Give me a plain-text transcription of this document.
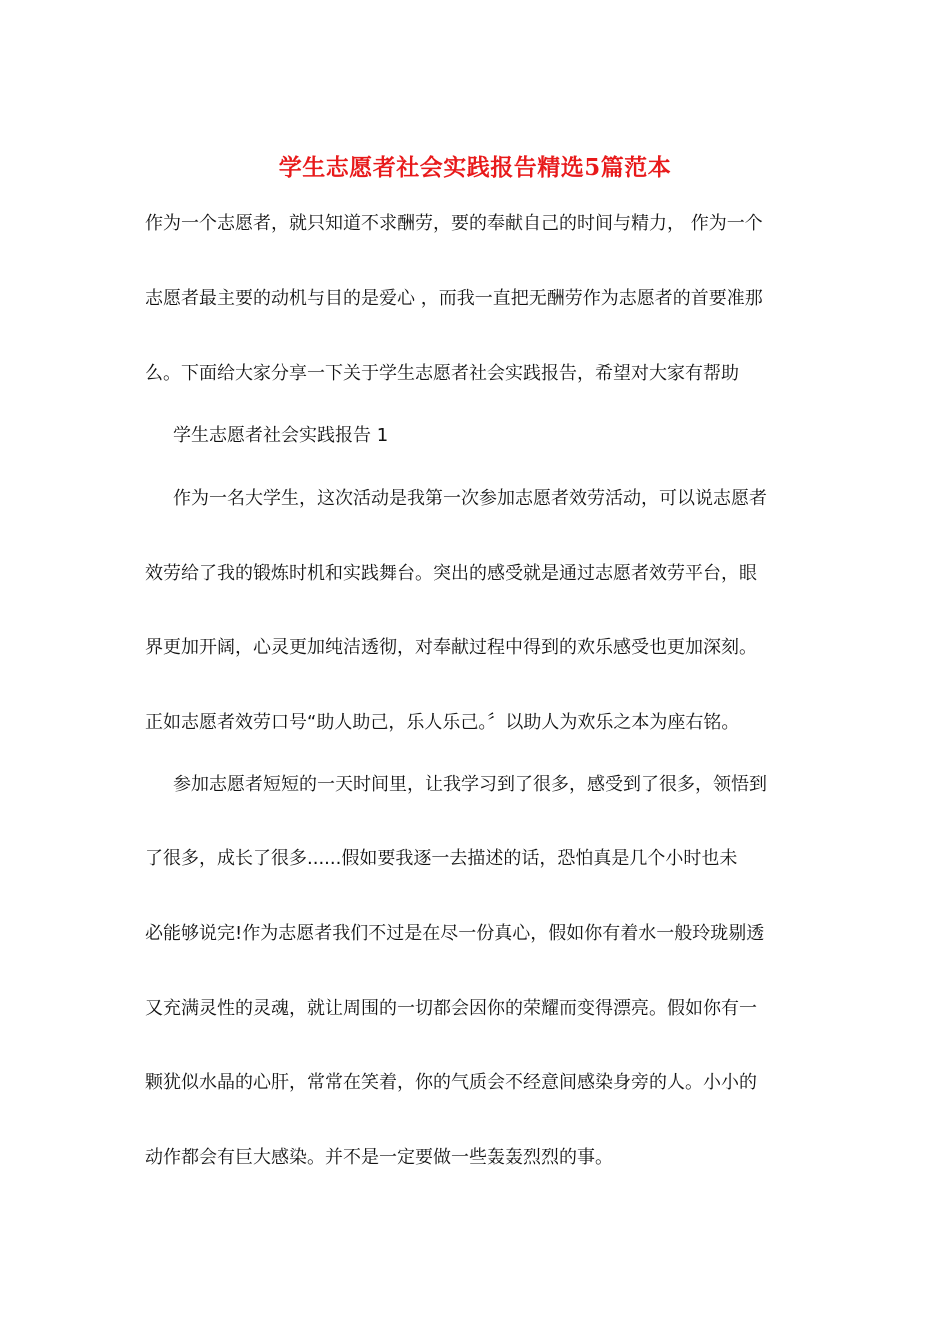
学生志愿者社会实践报告精选5篇范本
作为一个志愿者，就只知道不求酬劳，要的奉献自己的时间与精力， 作为一个
志愿者最主要的动机与目的是爱心 ，而我一直把无酬劳作为志愿者的首要准那
么。下面给大家分享一下关于学生志愿者社会实践报告，希望对大家有帮助
学生志愿者社会实践报告 1
作为一名大学生，这次活动是我第一次参加志愿者效劳活动，可以说志愿者
效劳给了我的锻炼时机和实践舞台。突出的感受就是通过志愿者效劳平台，眼
界更加开阔，心灵更加纯洁透彻，对奉献过程中得到的欢乐感受也更加深刻。
正如志愿者效劳口号“助人助己，乐人乐己。〞以助人为欢乐之本为座右铭。
参加志愿者短短的一天时间里，让我学习到了很多，感受到了很多，领悟到
了很多，成长了很多......假如要我逐一去描述的话，恐怕真是几个小时也未
必能够说完!作为志愿者我们不过是在尽一份真心，假如你有着水一般玲珑剔透
又充满灵性的灵魂，就让周围的一切都会因你的荣耀而变得漂亮。假如你有一
颗犹似水晶的心肝，常常在笑着，你的气质会不经意间感染身旁的人。小小的
动作都会有巨大感染。并不是一定要做一些轰轰烈烈的事。
